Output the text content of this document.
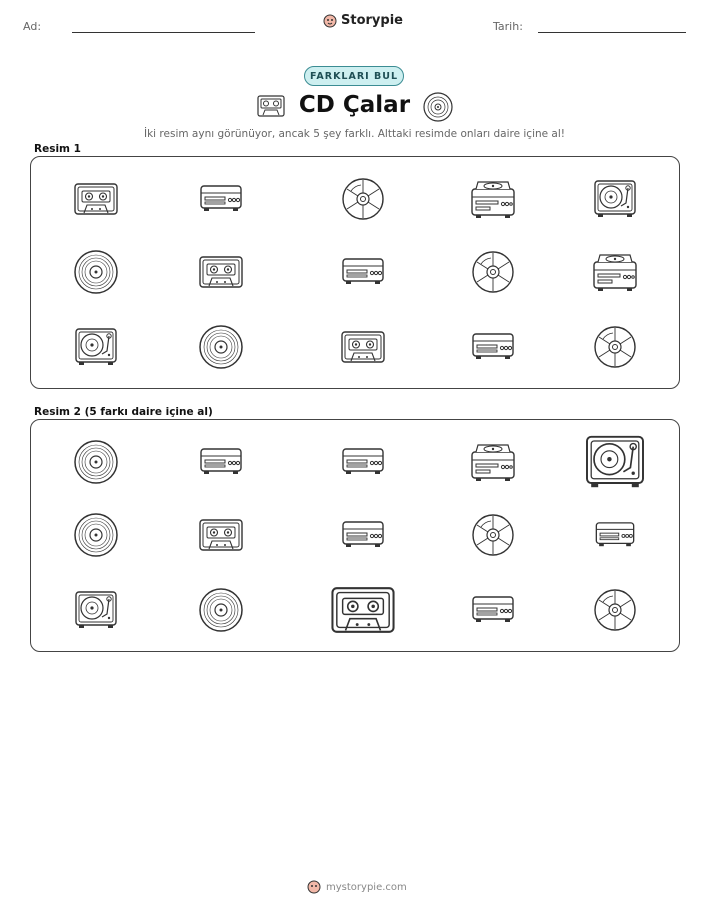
Ad:	Storypie	Tarih:
FARKLARI BUL
CD Çalar
İki resim aynı görünüyor, ancak 5 şey farklı. Alttaki resimde onları daire içine al!
Resim 1
Resim 2 (5 farkı daire içine al)
mystorypie.com
